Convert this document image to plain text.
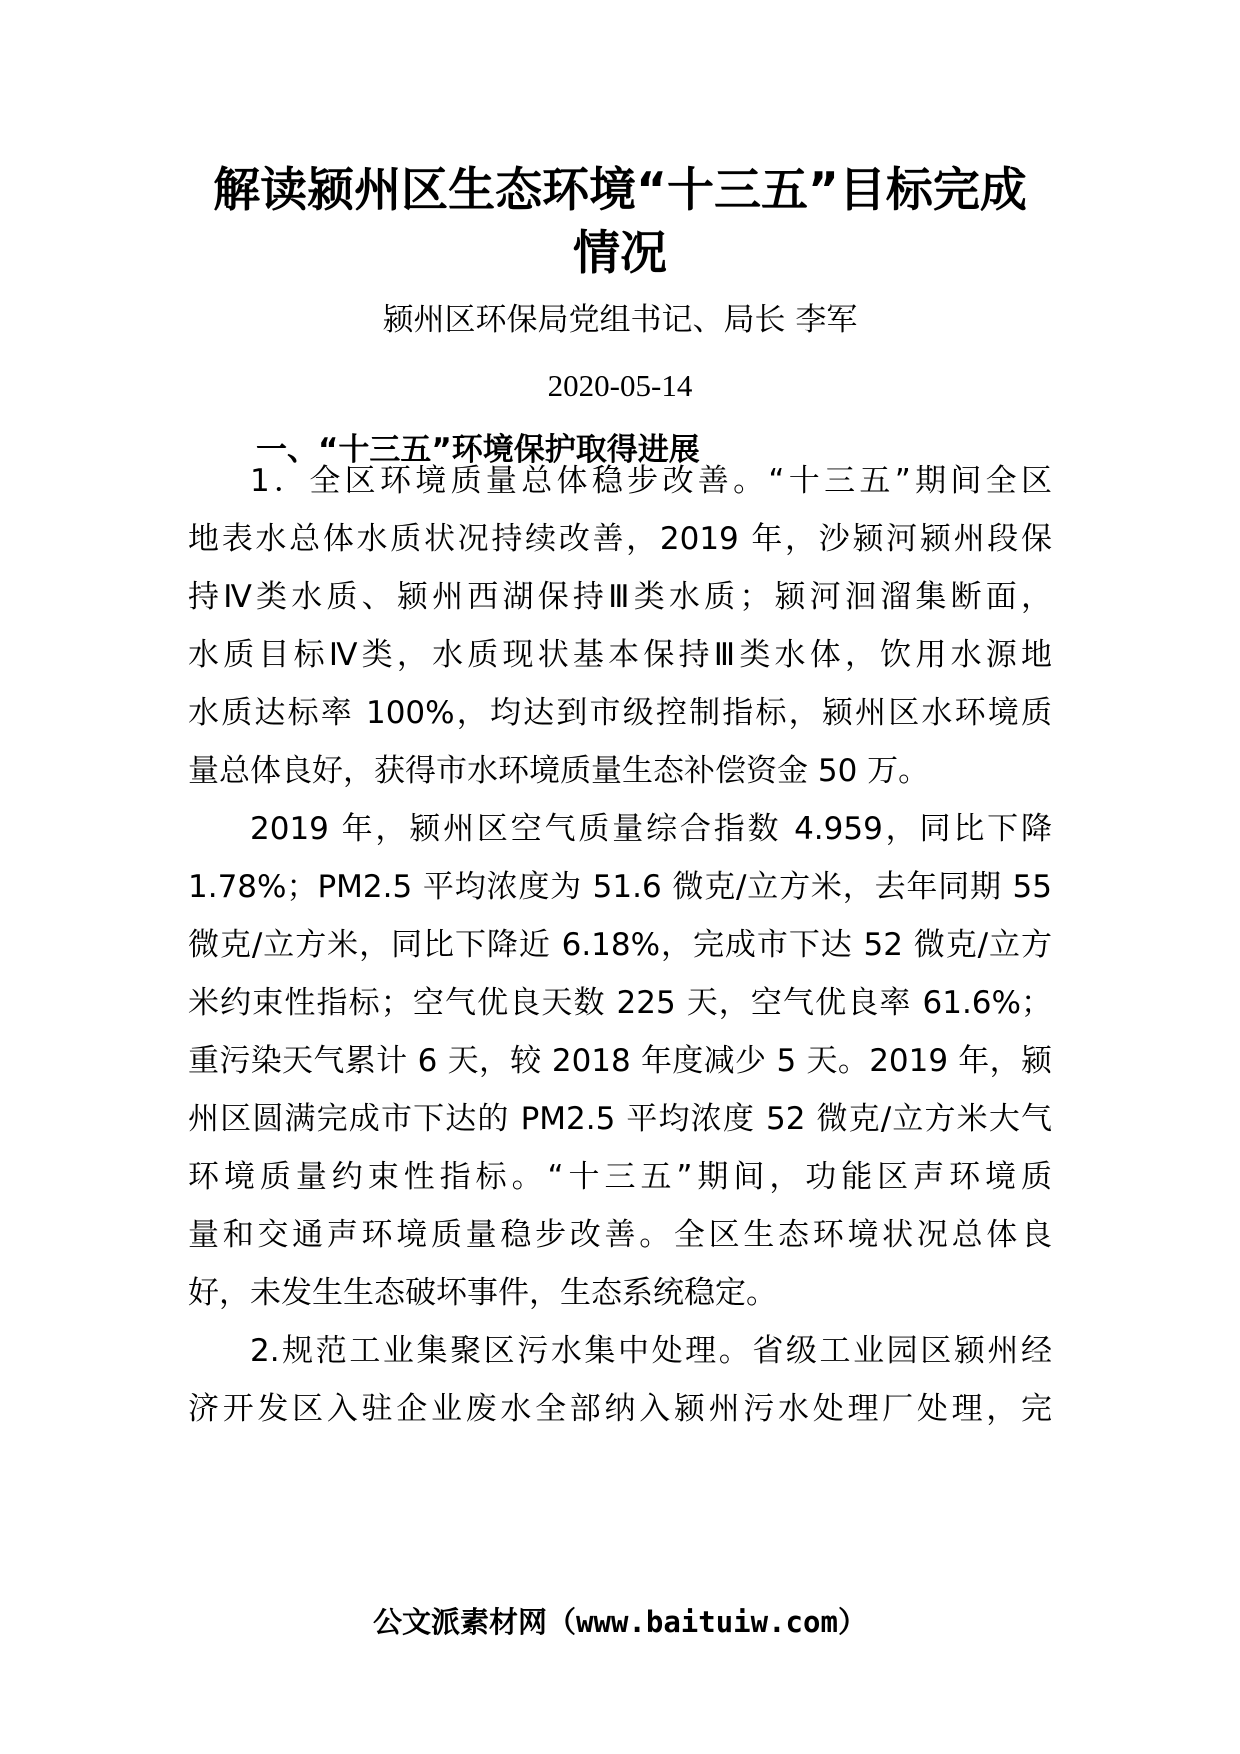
解读颍州区生态环境“十三五”目标完成
情况
颍州区环保局党组书记、局长 李军
2020-05-14
一、“十三五”环境保护取得进展
1．全区环境质量总体稳步改善。“十三五”期间全区
地表水总体水质状况持续改善，2019 年，沙颍河颍州段保
持Ⅳ类水质、颍州西湖保持Ⅲ类水质；颍河洄溜集断面，
水质目标Ⅳ类，水质现状基本保持Ⅲ类水体，饮用水源地
水质达标率 100%，均达到市级控制指标，颍州区水环境质
量总体良好，获得市水环境质量生态补偿资金 50 万。
2019 年，颍州区空气质量综合指数 4.959，同比下降
1.78%；PM2.5 平均浓度为 51.6 微克/立方米，去年同期 55
微克/立方米，同比下降近 6.18%，完成市下达 52 微克/立方
米约束性指标；空气优良天数 225 天，空气优良率 61.6%；
重污染天气累计 6 天，较 2018 年度减少 5 天。2019 年，颍
州区圆满完成市下达的 PM2.5 平均浓度 52 微克/立方米大气
环境质量约束性指标。“十三五”期间，功能区声环境质
量和交通声环境质量稳步改善。全区生态环境状况总体良
好，未发生生态破坏事件，生态系统稳定。
2.规范工业集聚区污水集中处理。省级工业园区颍州经
济开发区入驻企业废水全部纳入颍州污水处理厂处理，完
公文派素材网（www.baituiw.com）
